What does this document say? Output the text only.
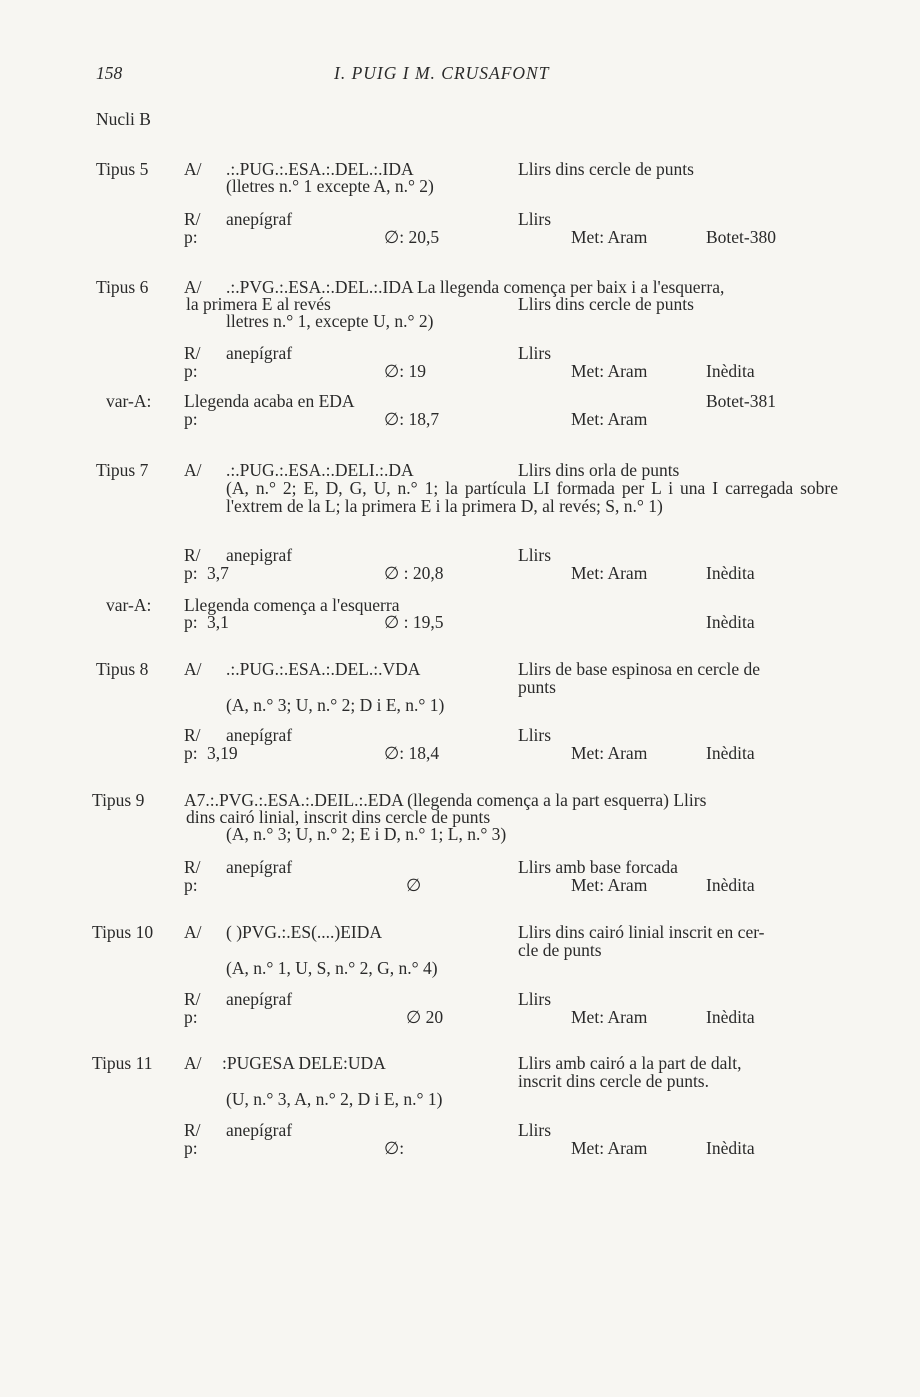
158	I. PUIG I M. CRUSAFONT
Nucli B
Tipus 5 A/ .:.PUG.:.ESA.:.DEL.:.IDA	Llirs dins cercle de punts
(lletres n.° 1 excepte A, n.° 2)
R/ anepígraf	Llirs
p:	∅: 20,5	Met: Aram	Botet-380
Tipus 6 A/ .:.PVG.:.ESA.:.DEL.:.IDA La llegenda comença per baix i a l'esquerra,
la primera E al revés	Llirs dins cercle de punts
lletres n.° 1, excepte U, n.° 2)
R/ anepígraf	Llirs
p:	∅: 19	Met: Aram	Inèdita
var-A: Llegenda acaba en EDA	Botet-381
p:	∅: 18,7	Met: Aram
Tipus 7 A/ .:.PUG.:.ESA.:.DELI.:.DA	Llirs dins orla de punts
(A, n.° 2; E, D, G, U, n.° 1; la partícula LI formada per L i una I carregada sobre l'extrem de la L; la primera E i la primera D, al revés; S, n.° 1)
R/ anepigraf	Llirs
p: 3,7	∅ : 20,8	Met: Aram	Inèdita
var-A: Llegenda comença a l'esquerra
p: 3,1	∅ : 19,5	Inèdita
Tipus 8 A/ .:.PUG.:.ESA.:.DEL.:.VDA	Llirs de base espinosa en cercle de
punts
(A, n.° 3; U, n.° 2; D i E, n.° 1)
R/ anepígraf	Llirs
p: 3,19	∅: 18,4	Met: Aram	Inèdita
Tipus 9 A7.:.PVG.:.ESA.:.DEIL.:.EDA (llegenda comença a la part esquerra) Llirs
dins cairó linial, inscrit dins cercle de punts
(A, n.° 3; U, n.° 2; E i D, n.° 1; L, n.° 3)
R/ anepígraf	Llirs amb base forcada
p:	∅	Met: Aram	Inèdita
Tipus 10 A/ ( )PVG.:.ES(....)EIDA	Llirs dins cairó linial inscrit en cer-
cle de punts
(A, n.° 1, U, S, n.° 2, G, n.° 4)
R/ anepígraf	Llirs
p:	∅ 20	Met: Aram	Inèdita
Tipus 11 A/ :PUGESA DELE:UDA	Llirs amb cairó a la part de dalt,
inscrit dins cercle de punts.
(U, n.° 3, A, n.° 2, D i E, n.° 1)
R/ anepígraf	Llirs
p:	∅:	Met: Aram	Inèdita
